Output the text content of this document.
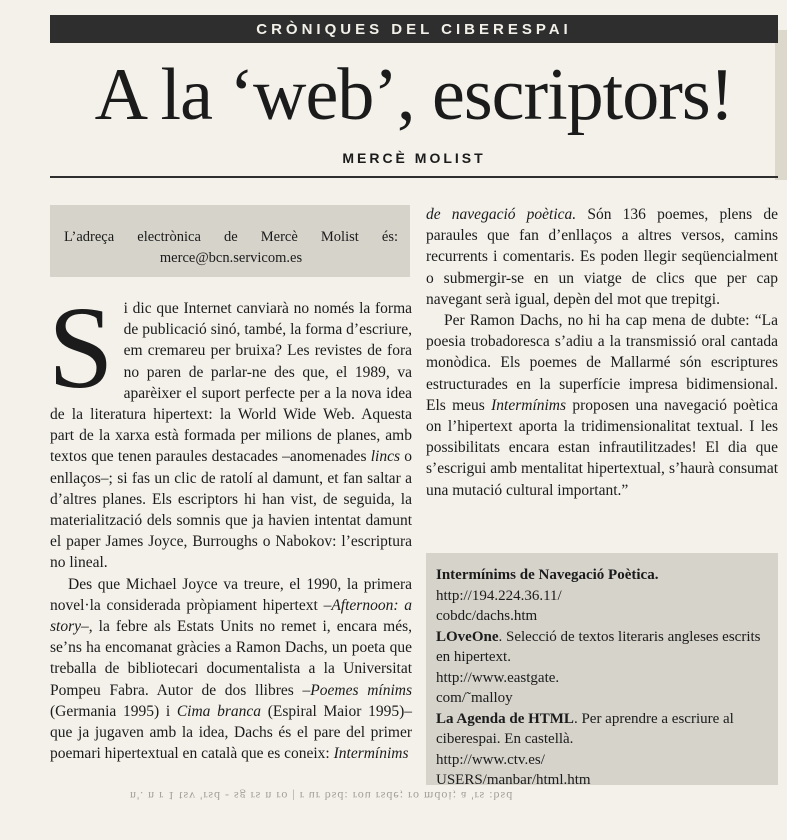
CRÒNIQUES DEL CIBERESPAI
A la ‘web’, escriptors!
MERCÈ MOLIST
L’adreça electrònica de Mercè Molist és:
merce@bcn.servicom.es

Si dic que Internet canviarà no només la forma de publicació sinó, també, la forma d’escriure, em cremareu per bruixa? Les revistes de fora no paren de parlar-ne des que, el 1989, va aparèixer el suport perfecte per a la nova idea de la literatura hipertext: la World Wide Web. Aquesta part de la xarxa està formada per milions de planes, amb textos que tenen paraules destacades –anomenades lincs o enllaços–; si fas un clic de ratolí al damunt, et fan saltar a d’altres planes. Els escriptors hi han vist, de seguida, la materialització dels somnis que ja havien intentat damunt el paper James Joyce, Burroughs o Nabokov: l’escriptura no lineal.

Des que Michael Joyce va treure, el 1990, la primera novel·la considerada pròpiament hipertext –Afternoon: a story–, la febre als Estats Units no remet i, encara més, se’ns ha encomanat gràcies a Ramon Dachs, un poeta que treballa de bibliotecari documentalista a la Universitat Pompeu Fabra. Autor de dos llibres –Poemes mínims (Germania 1995) i Cima branca (Espiral Maior 1995)– que ja jugaven amb la idea, Dachs és el pare del primer poemari hipertextual en català que es coneix: Intermínims

de navegació poètica. Són 136 poemes, plens de paraules que fan d’enllaços a altres versos, camins recurrents i comentaris. Es poden llegir seqüencialment o submergir-se en un viatge de clics que per cap navegant serà igual, depèn del mot que trepitgi.

Per Ramon Dachs, no hi ha cap mena de dubte: “La poesia trobadoresca s’adiu a la transmissió oral cantada monòdica. Els poemes de Mallarmé són escriptures estructurades en la superfície impresa bidimensional. Els meus Intermínims proposen una navegació poètica on l’hipertext aporta la tridimensionalitat textual. I les possibilitats encara estan infrautilitzades! El dia que s’escrigui amb mentalitat hipertextual, s’haurà consumat una mutació cultural important.”

Intermínims de Navegació Poètica.
http://194.224.36.11/
cobdc/dachs.htm
LOveOne. Selecció de textos literaris angleses escrits en hipertext.
http://www.eastgate.
com/˜malloy
La Agenda de HTML. Per aprendre a escriure al ciberespai. En castellà.
http://www.ctv.es/
USERS/manbar/html.htm
n'. n r 1 tsv 'rsd - sg rs n ro | r ur bsd: rou rsde; ro mdoi; a 'rs :bsd
